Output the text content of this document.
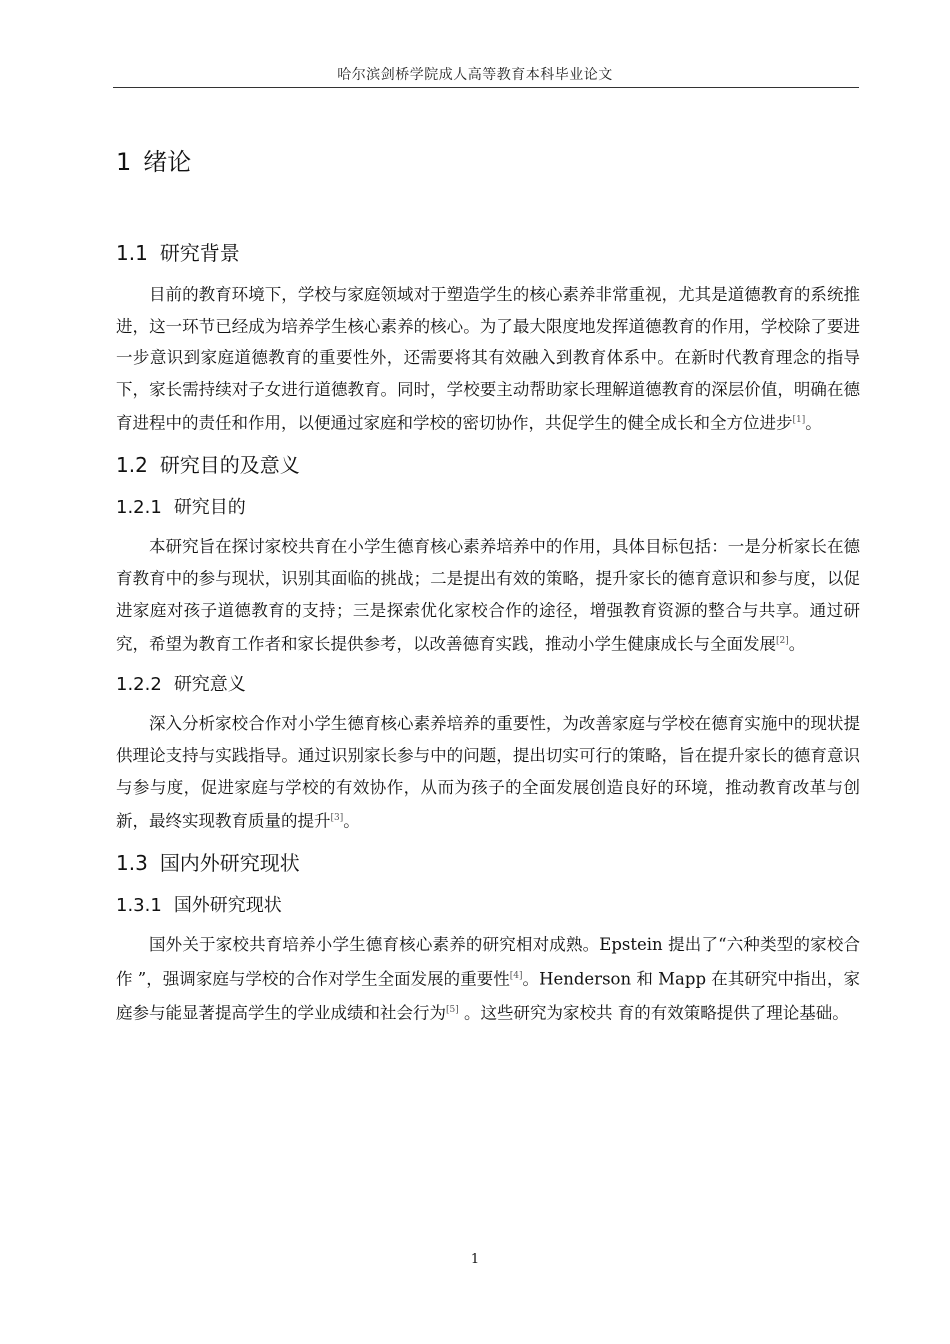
哈尔滨剑桥学院成人高等教育本科毕业论文
1 绪论
1.1 研究背景

目前的教育环境下，学校与家庭领域对于塑造学生的核心素养非常重视，尤其是道德教育的系统推进，这一环节已经成为培养学生核心素养的核心。为了最大限度地发挥道德教育的作用，学校除了要进一步意识到家庭道德教育的重要性外，还需要将其有效融入到教育体系中。在新时代教育理念的指导下，家长需持续对子女进行道德教育。同时，学校要主动帮助家长理解道德教育的深层价值，明确在德育进程中的责任和作用，以便通过家庭和学校的密切协作，共促学生的健全成长和全方位进步[1]。

1.2 研究目的及意义
1.2.1 研究目的

本研究旨在探讨家校共育在小学生德育核心素养培养中的作用，具体目标包括：一是分析家长在德育教育中的参与现状，识别其面临的挑战；二是提出有效的策略，提升家长的德育意识和参与度，以促进家庭对孩子道德教育的支持；三是探索优化家校合作的途径，增强教育资源的整合与共享。通过研究，希望为教育工作者和家长提供参考，以改善德育实践，推动小学生健康成长与全面发展[2]。

1.2.2 研究意义

深入分析家校合作对小学生德育核心素养培养的重要性，为改善家庭与学校在德育实施中的现状提供理论支持与实践指导。通过识别家长参与中的问题，提出切实可行的策略，旨在提升家长的德育意识与参与度，促进家庭与学校的有效协作，从而为孩子的全面发展创造良好的环境，推动教育改革与创新，最终实现教育质量的提升[3]。

1.3 国内外研究现状
1.3.1 国外研究现状

国外关于家校共育培养小学生德育核心素养的研究相对成熟。Epstein 提出了“六种类型的家校合作 ”，强调家庭与学校的合作对学生全面发展的重要性[4]。Henderson 和 Mapp 在其研究中指出，家庭参与能显著提高学生的学业成绩和社会行为[5] 。这些研究为家校共 育的有效策略提供了理论基础。

1
